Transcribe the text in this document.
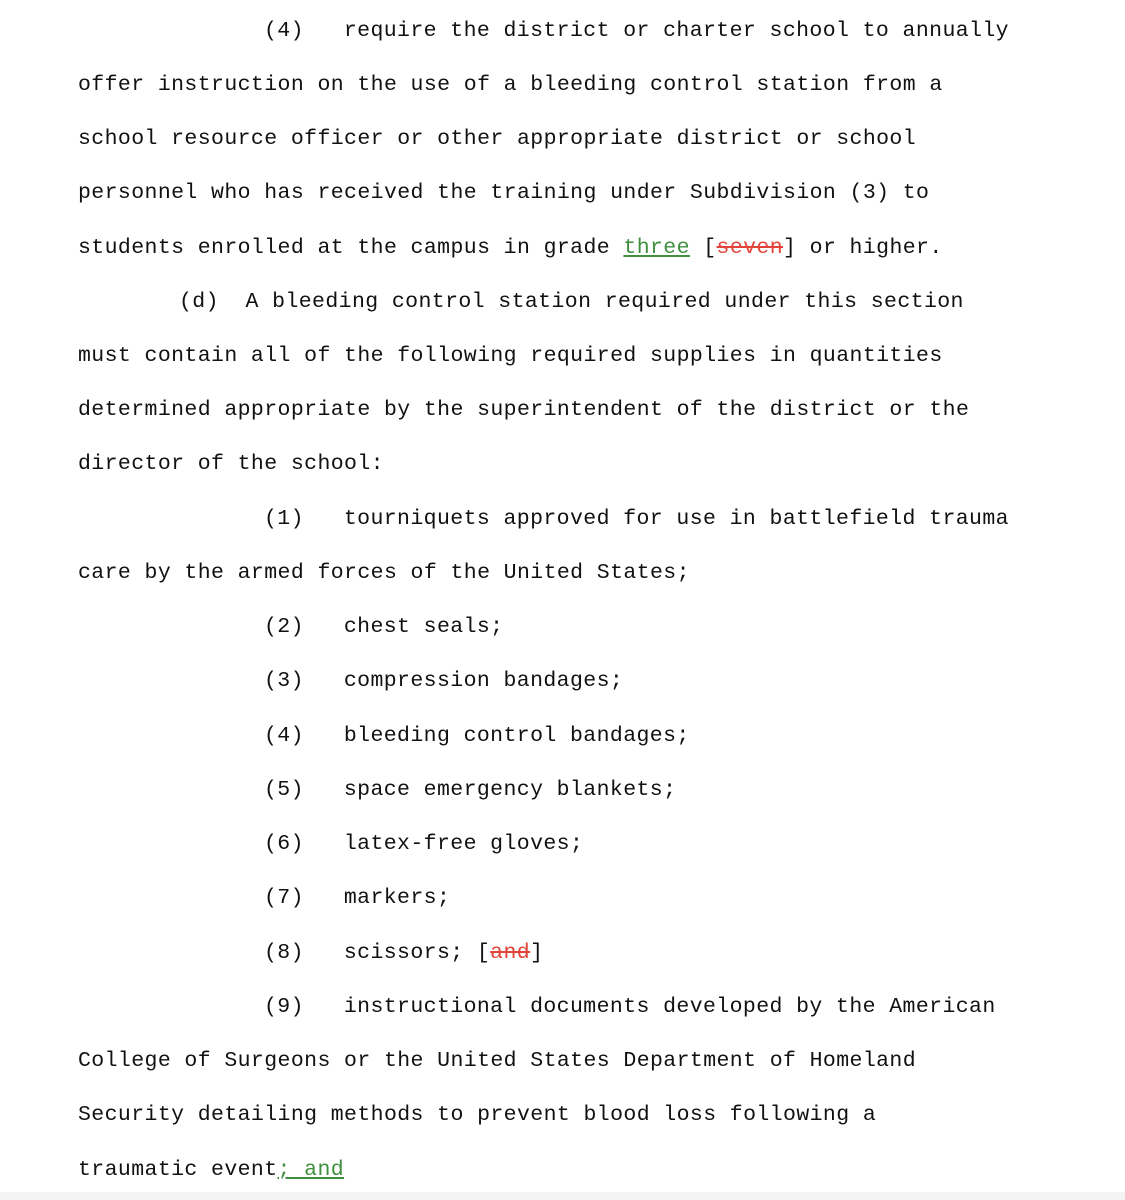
(4) require the district or charter school to annually
offer instruction on the use of a bleeding control station from a
school resource officer or other appropriate district or school
personnel who has received the training under Subdivision (3) to
students enrolled at the campus in grade three [seven] or higher.
(d) A bleeding control station required under this section
must contain all of the following required supplies in quantities
determined appropriate by the superintendent of the district or the
director of the school:
(1) tourniquets approved for use in battlefield trauma
care by the armed forces of the United States;
(2) chest seals;
(3) compression bandages;
(4) bleeding control bandages;
(5) space emergency blankets;
(6) latex-free gloves;
(7) markers;
(8) scissors; [and]
(9) instructional documents developed by the American
College of Surgeons or the United States Department of Homeland
Security detailing methods to prevent blood loss following a
traumatic event; and
